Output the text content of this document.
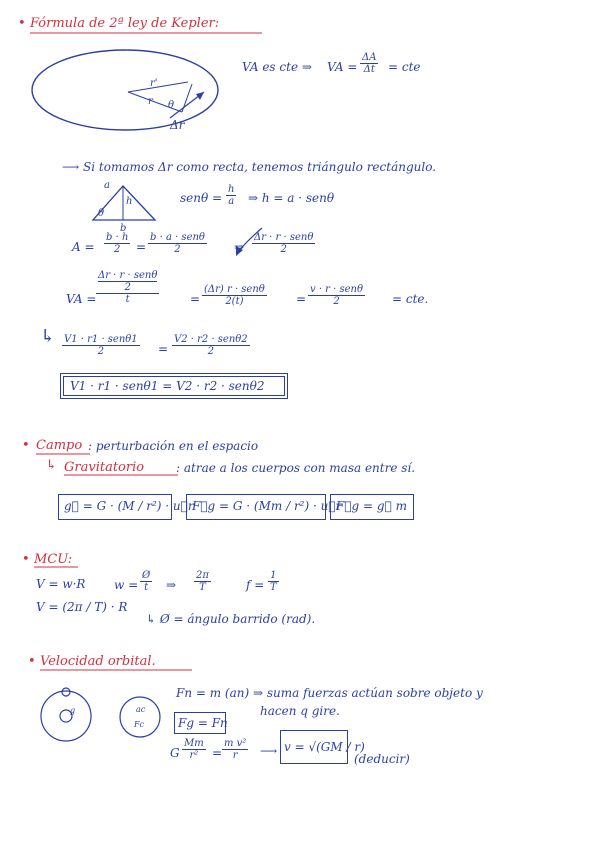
• Fórmula de 2ª ley de Kepler:
r
r'
θ
Δr
VA es cte ⇒ VA = $\frac{\Delta A}{\Delta t}$ = cte
⟶ Si tomamos Δr como recta, tenemos triángulo rectángulo.
a
h
θ
b
$sen\theta = \frac{h}{a}$ ⇒ h = a · senθ
$A = \frac{b \cdot h}{2}$ =
b · a · senθ
2	⇒
Δr · r · senθ
2
VA =
$\frac{\text{Δr · r · senθ}}{2}$
t	=
(Δr) r · senθ
2(t)	=
v · r · senθ
2	= cte.
↳ V1 · r1 · senθ1
2	=
V2 · r2 · senθ2
2
V1 · r1 · senθ1 = V2 · r2 · senθ2
• Campo : perturbación en el espacio
↳ Gravitatorio	: atrae a los cuerpos con masa entre sí.
g⃗ = G · (M / r²) · u⃗r
F⃗g = G · (Mm / r²) · u⃗r
F⃗g = g⃗ m
• MCU:
V = w·R
V = (2π / T) · R
$w = \frac{Ø}{t}$ ⇒ $\frac{2\pi}{T}$	$f = \frac{1}{T}$
↳ Ø = ángulo barrido (rad).
• Velocidad orbital.
g	ac
Fc
Fn = m (an) ⇒ suma fuerzas actúan sobre objeto y
hacen q gire.
Fg = Fn
G $\frac{Mm}{\text{r²}} = \frac{\text{m v²}}{r}$ ⟶ v = √(GM / r)
(deducir)
